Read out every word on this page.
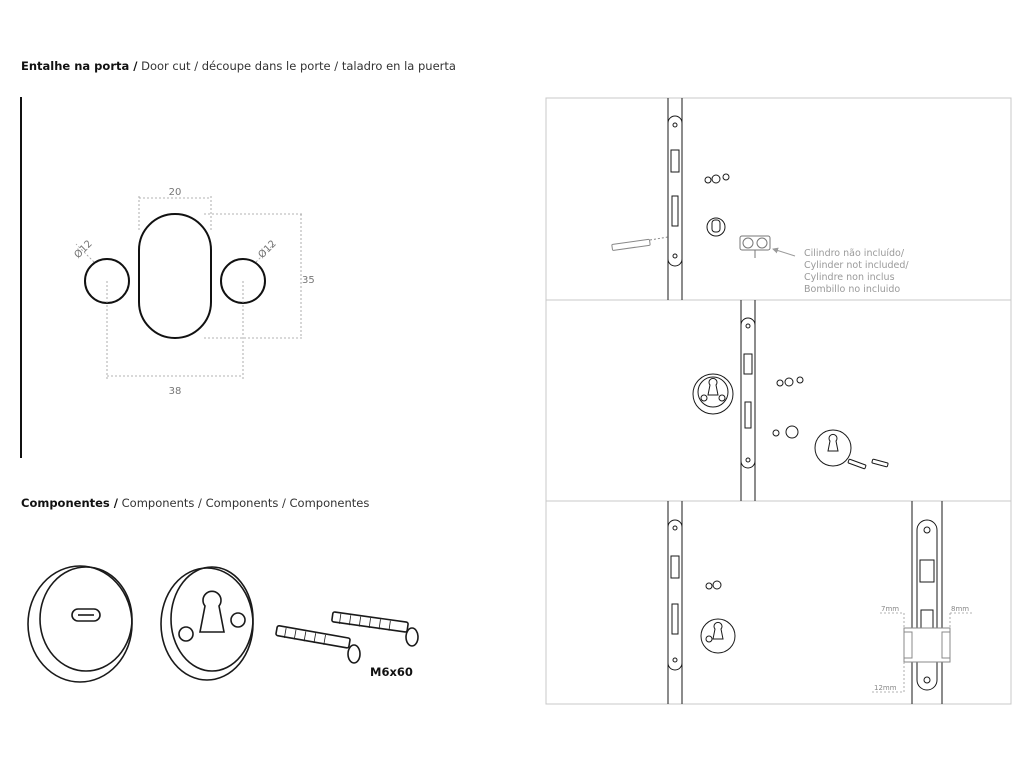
Entalhe na porta / Door cut / découpe dans le porte / taladro en la puerta
Componentes / Components / Components / Componentes
20
35
38
Ø12	Ø12
M6x60
Cilindro não incluído/
Cylinder not included/
Cylindre non inclus
Bombillo no incluido
7mm	8mm
12mm
